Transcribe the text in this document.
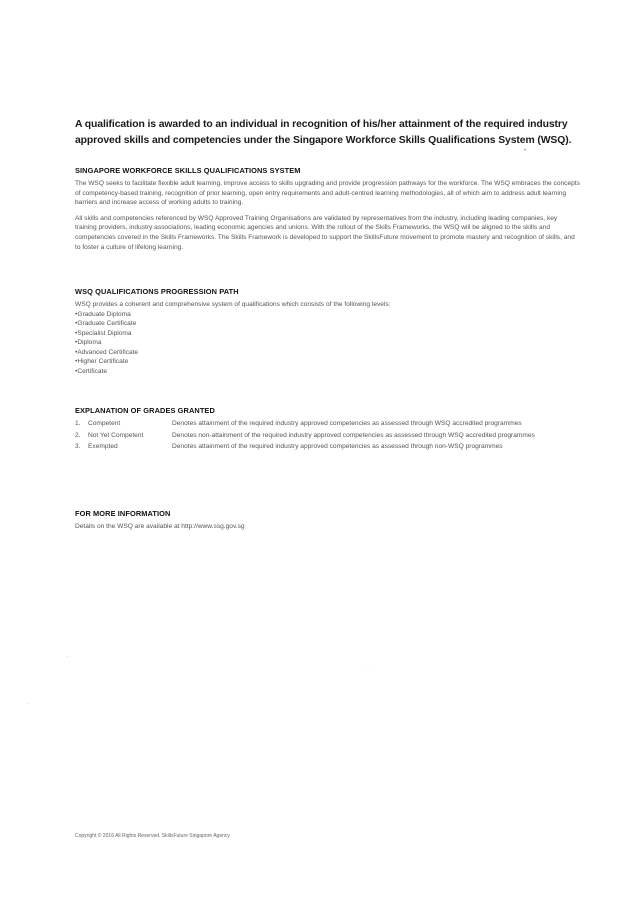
A qualification is awarded to an individual in recognition of his/her attainment of the required industry approved skills and competencies under the Singapore Workforce Skills Qualifications System (WSQ).
•
SINGAPORE WORKFORCE SKILLS QUALIFICATIONS SYSTEM

The WSQ seeks to facilitate flexible adult learning, improve access to skills upgrading and provide progression pathways for the workforce. The WSQ embraces the concepts of competency-based training, recognition of prior learning, open entry requirements and adult-centred learning methodologies, all of which aim to address adult learning barriers and increase access of working adults to training.

All skills and competencies referenced by WSQ Approved Training Organisations are validated by representatives from the industry, including leading companies, key training providers, industry associations, leading economic agencies and unions. With the rollout of the Skills Frameworks, the WSQ will be aligned to the skills and competencies covered in the Skills Frameworks. The Skills Framework is developed to support the SkillsFuture movement to promote mastery and recognition of skills, and to foster a culture of lifelong learning.

WSQ QUALIFICATIONS PROGRESSION PATH

WSQ provides a coherent and comprehensive system of qualifications which consists of the following levels:

• Graduate Diploma
• Graduate Certificate
• Specialist Diploma
• Diploma
• Advanced Certificate
• Higher Certificate
• Certificate
EXPLANATION OF GRADES GRANTED
1.	Competent	Denotes attainment of the required industry approved competencies as assessed through WSQ accredited programmes
2.	Not Yet Competent	Denotes non-attainment of the required industry approved competencies as assessed through WSQ accredited programmes
3.	Exempted	Denotes attainment of the required industry approved competencies as assessed through non-WSQ programmes
FOR MORE INFORMATION

Details on the WSQ are available at http://www.ssg.gov.sg

·
·
·
Copyright © 2016 All Rights Reserved. SkillsFuture Singapore Agency
